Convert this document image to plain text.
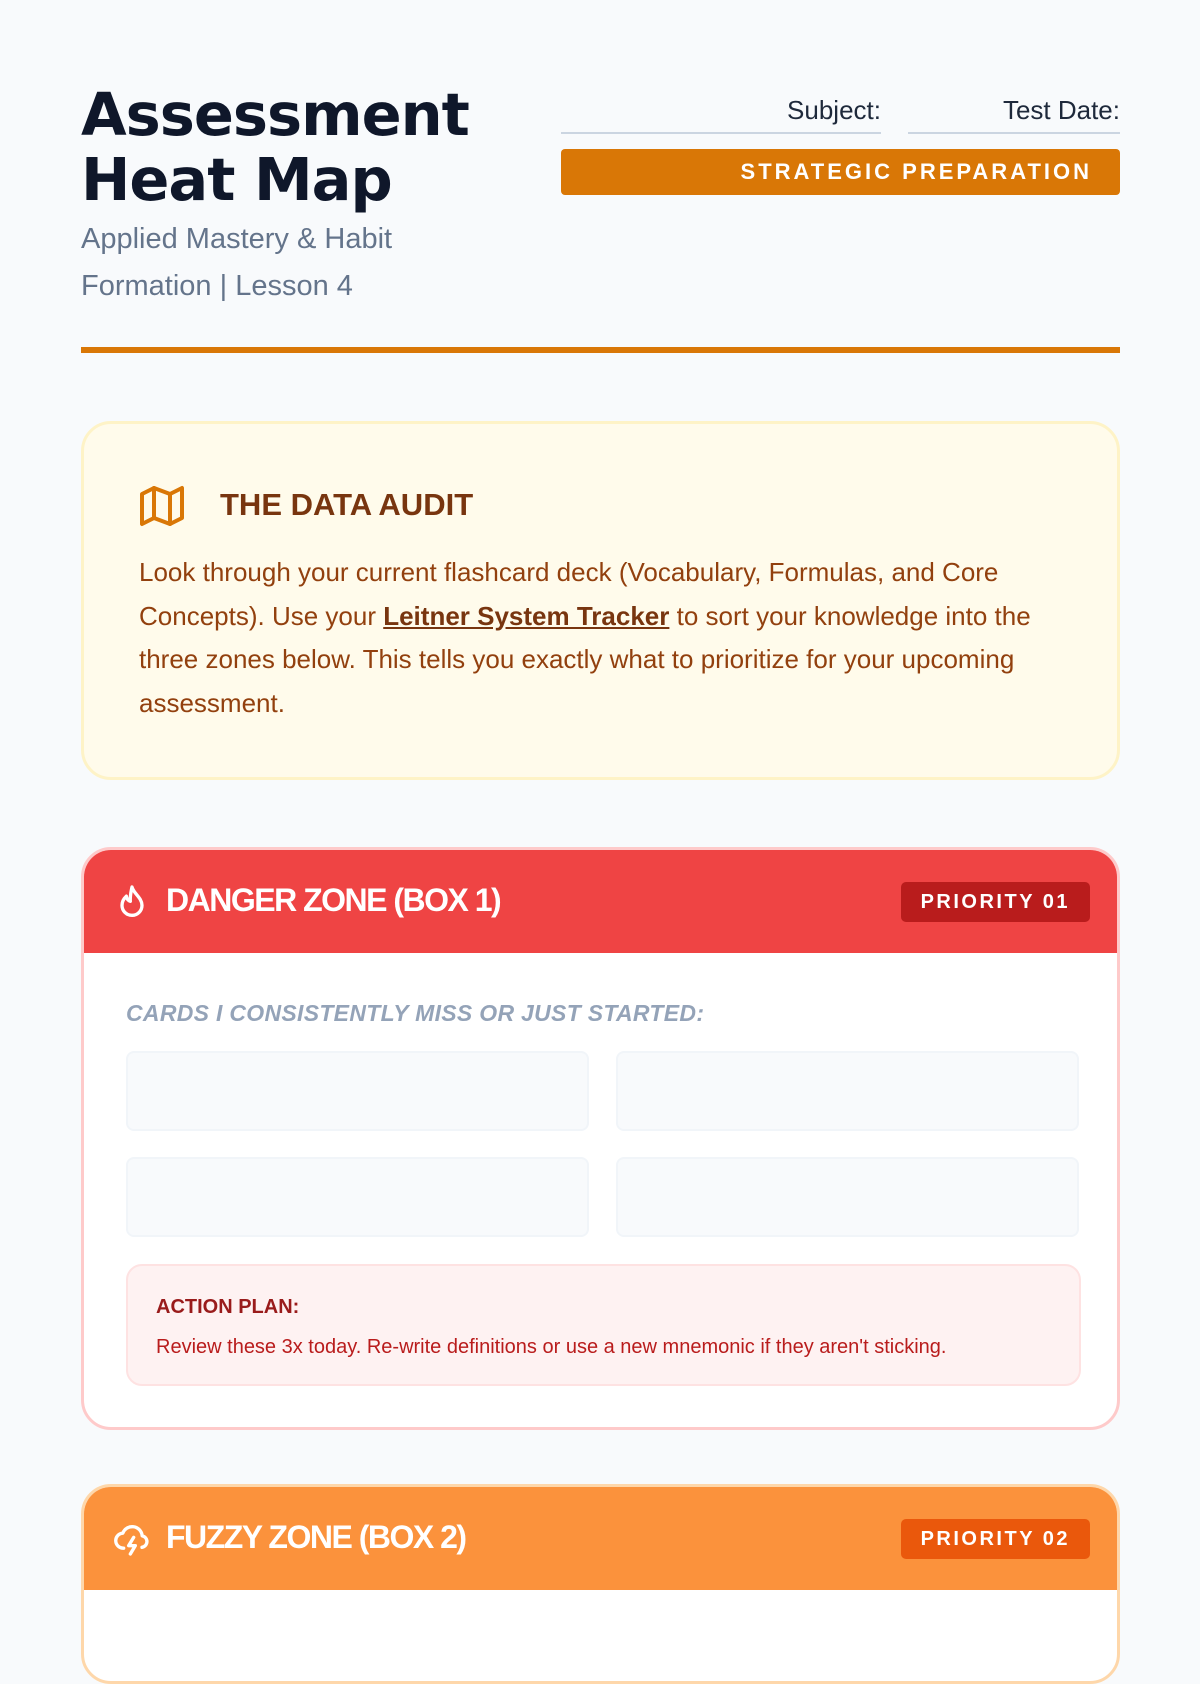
Assessment
Heat Map
Applied Mastery & Habit
Formation | Lesson 4
Subject:	Test Date:
STRATEGIC PREPARATION
THE DATA AUDIT
Look through your current flashcard deck (Vocabulary, Formulas, and Core Concepts). Use your Leitner System Tracker to sort your knowledge into the three zones below. This tells you exactly what to prioritize for your upcoming assessment.
DANGER ZONE (BOX 1)	PRIORITY 01
CARDS I CONSISTENTLY MISS OR JUST STARTED:
ACTION PLAN:
Review these 3x today. Re-write definitions or use a new mnemonic if they aren't sticking.
FUZZY ZONE (BOX 2)	PRIORITY 02
